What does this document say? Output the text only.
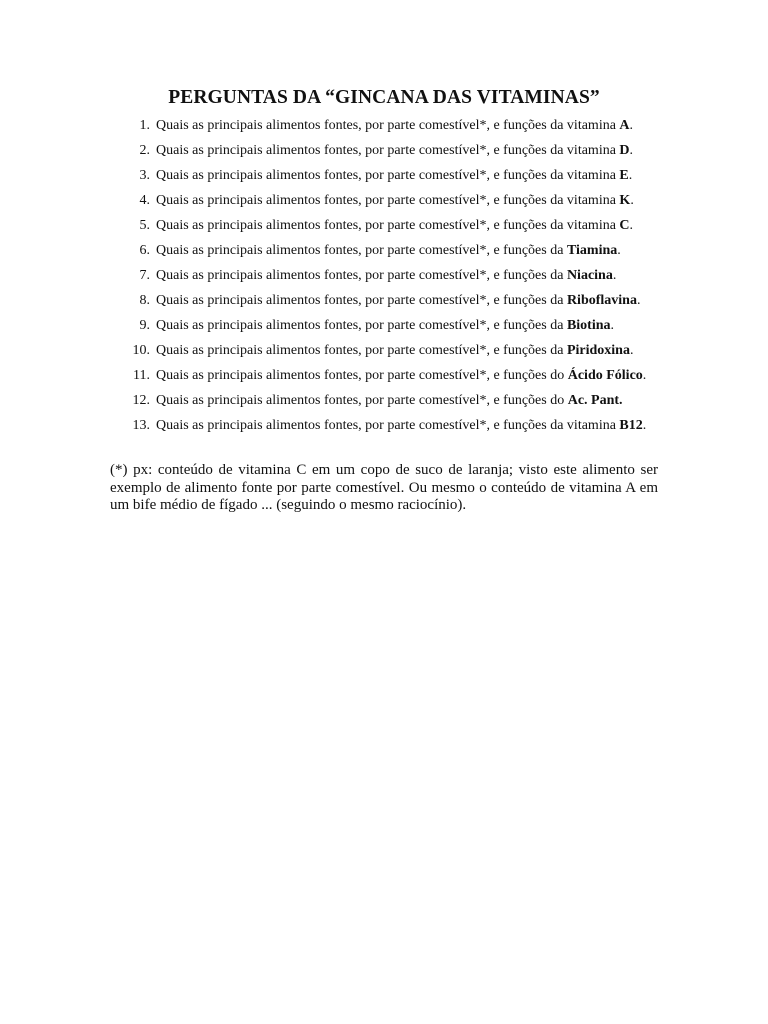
PERGUNTAS DA “GINCANA DAS VITAMINAS”
1. Quais as principais alimentos fontes, por parte comestível*, e funções da vitamina A.
2. Quais as principais alimentos fontes, por parte comestível*, e funções da vitamina D.
3. Quais as principais alimentos fontes, por parte comestível*, e funções da vitamina E.
4. Quais as principais alimentos fontes, por parte comestível*, e funções da vitamina K.
5. Quais as principais alimentos fontes, por parte comestível*, e funções da vitamina C.
6. Quais as principais alimentos fontes, por parte comestível*, e funções da Tiamina.
7. Quais as principais alimentos fontes, por parte comestível*, e funções da Niacina.
8. Quais as principais alimentos fontes, por parte comestível*, e funções da Riboflavina.
9. Quais as principais alimentos fontes, por parte comestível*, e funções da Biotina.
10. Quais as principais alimentos fontes, por parte comestível*, e funções da Piridoxina.
11. Quais as principais alimentos fontes, por parte comestível*, e funções do Ácido Fólico.
12. Quais as principais alimentos fontes, por parte comestível*, e funções do Ac. Pant.
13. Quais as principais alimentos fontes, por parte comestível*, e funções da vitamina B12.

(*) px: conteúdo de vitamina C em um copo de suco de laranja; visto este alimento ser exemplo de alimento fonte por parte comestível. Ou mesmo o conteúdo de vitamina A em um bife médio de fígado ... (seguindo o mesmo raciocínio).
